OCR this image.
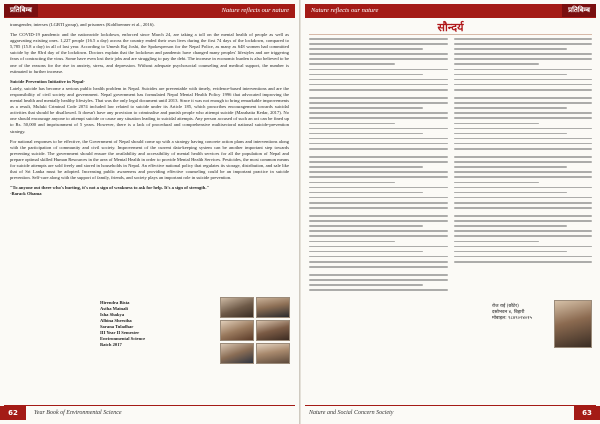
प्रतिबिम्ब	Nature reflects our nature

transgender, intersex (LGBTI group), and prisoners (Kohlbrenner et al., 2016).

The COVID-19 pandemic and the nationwide lockdown, enforced since March 24, are taking a toll on the mental health of people as well as aggravating existing ones. 1,227 people (16.5 a day) across the country ended their own lives during the first 74 days of the lockdown, compared to 5,785 (15.8 a day) in all of last year. According to Umesh Raj Joshi, the Spokesperson for the Nepal Police, as many as 648 women had committed suicide by the 83rd day of the lockdown. Doctors explain that the lockdown and pandemic have changed many peoples' lifestyles and are triggering fears of contracting the virus. Some have even lost their jobs and are struggling to pay the debt. The increase in economic burden is also believed to be one of the reasons for the rise in anxiety, stress, and depression. Without adequate psychosocial counseling and medical support, the number is estimated to further increase.

Suicide Prevention Initiative in Nepal-

Lately, suicide has become a serious public health problem in Nepal. Suicides are preventable with timely, evidence-based interventions and are the responsibility of civil society and government. Nepal government has formulated Nepal Mental Health Policy 1996 that advocated improving the mental health and mentally healthy lifestyles. That was the only legal document until 2013. Since it was not enough to bring remarkable improvements as a result, Muluki Criminal Code 2074 included law related to suicide under its Article 185, which proscribes encouragement towards suicidal activities that should be disallowed. It doesn't have any provision to criminalise and punish people who attempt suicide (Marahatta Kedar, 2017). No one should encourage anyone to attempt suicide or cause any situation leading to suicidal attempts. Any person accused of such an act can be fined up to Rs. 50,000 and imprisonment of 5 years. However, there is a lack of procedural and comprehensive multisectoral national suicide-prevention strategy.

For national responses to be effective, the Government of Nepal should come up with a strategy having concrete action plans and interventions along with the participation of community and civil society. Improvement of the current data-keeping system can be another important step towards preventing suicide. The government should ensure the availability and accessibility of mental health services for all the population of Nepal and prepare optimal skilled Human Resources in the area of Mental Health in order to provide Mental Health Services. Pesticides, the most common means for suicide attempts are sold freely and stored in households in Nepal. An effective national policy that regulates its storage, distribution, and sale like that of Sri Lanka must be adopted. Increasing public awareness and providing effective counseling could be an important practice in suicide prevention. Self-care along with the support of family, friends, and society plays an important role in suicide prevention.

"To anyone out there who's hurting, it's not a sign of weakness to ask for help. It's a sign of strength."

-Barack Obama

Hirendra Bista
Astha Mainali
Isha Shakya
Albina Shrestha
Sarana Tuladhar
III Year II Semester
Environmental Science
Batch 2017
62	Year Book of Environmental Science
Nature reflects our nature	प्रतिबिम्ब
सौन्दर्य
रोज राई (छौटेर)
दस्रोभवन ४, बिहारी
मोबाइल: ९८४९०२४०१५
Nature and Social Concern Society	63
